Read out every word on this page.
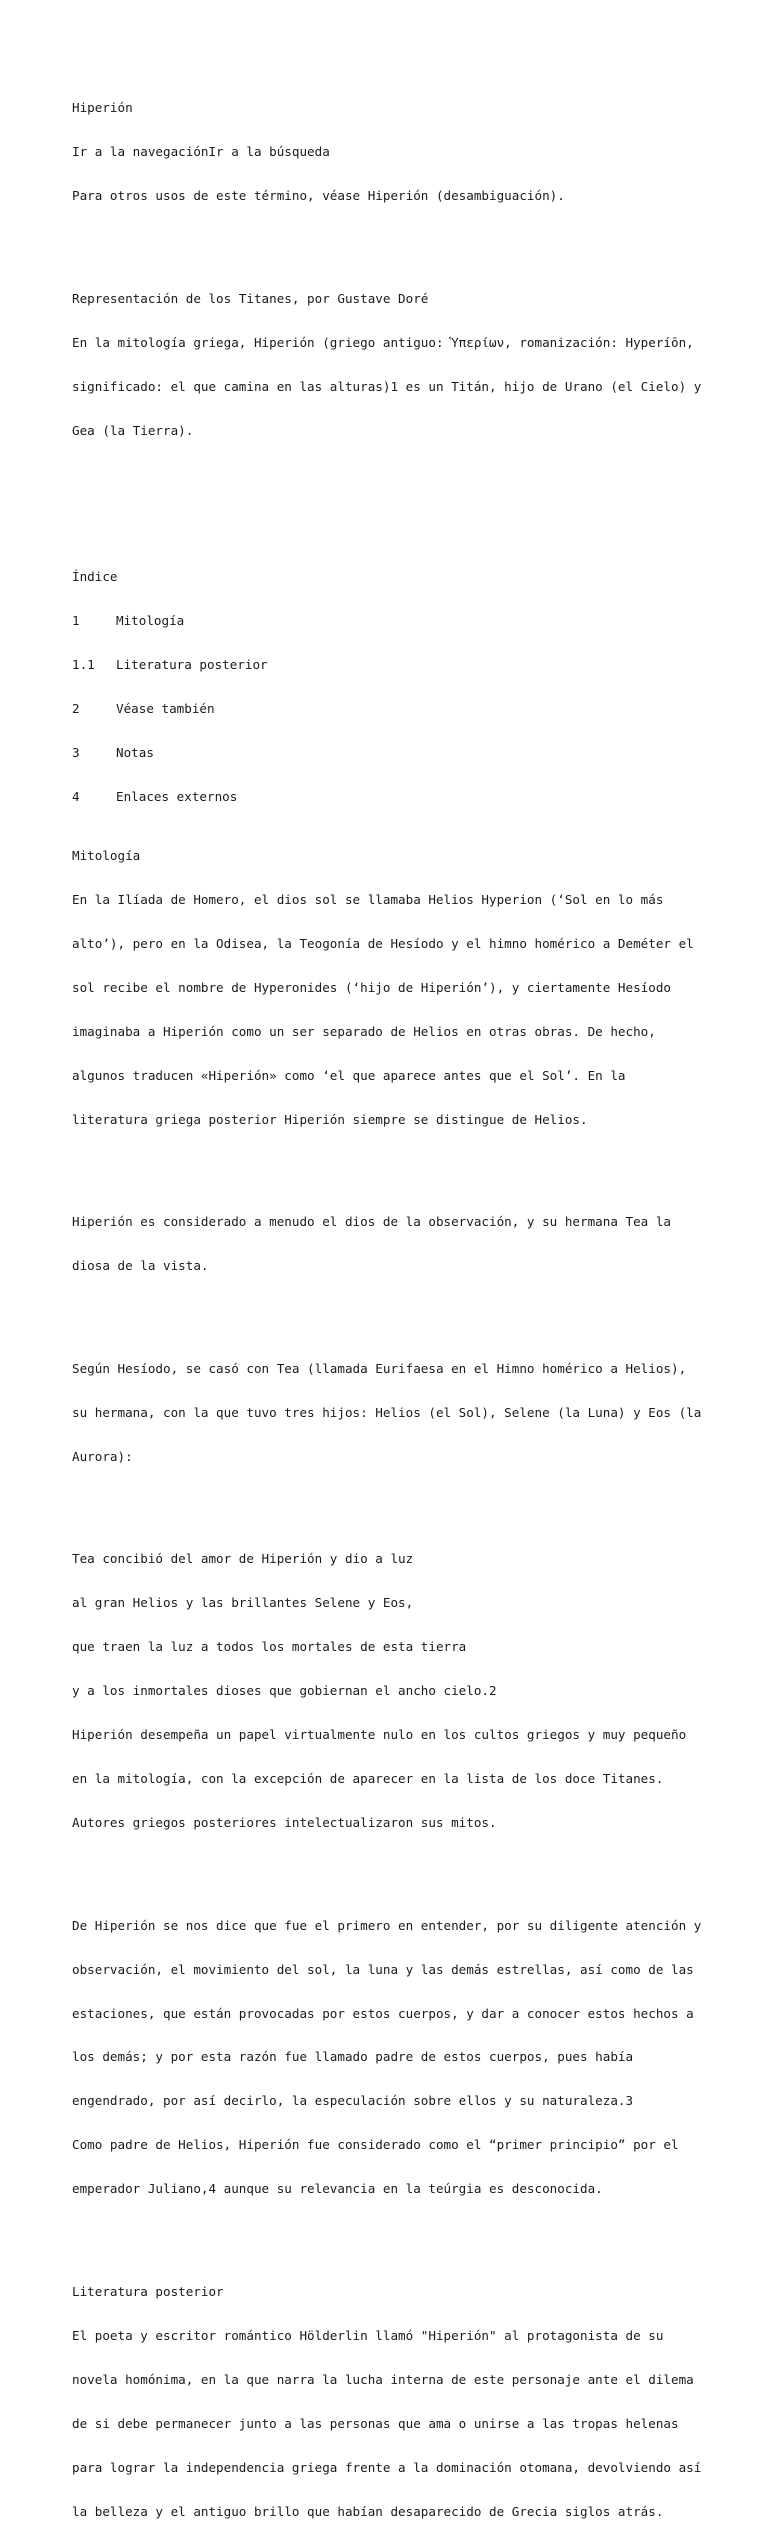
Hiperión

Ir a la navegaciónIr a la búsqueda

Para otros usos de este término, véase Hiperión (desambiguación).

Representación de los Titanes, por Gustave Doré

En la mitología griega, Hiperión (griego antiguo: Ὑπερίων, romanización: Hyperíōn,

significado: el que camina en las alturas)1 es un Titán, hijo de Urano (el Cielo) y

Gea (la Tierra).

Índice

1	Mitología

1.1 Literatura posterior

2	Véase también

3	Notas

4	Enlaces externos

Mitología

En la Ilíada de Homero, el dios sol se llamaba Helios Hyperion (‘Sol en lo más

alto’), pero en la Odisea, la Teogonía de Hesíodo y el himno homérico a Deméter el

sol recibe el nombre de Hyperonides (‘hijo de Hiperión’), y ciertamente Hesíodo

imaginaba a Hiperión como un ser separado de Helios en otras obras. De hecho,

algunos traducen «Hiperión» como ‘el que aparece antes que el Sol’. En la

literatura griega posterior Hiperión siempre se distingue de Helios.

Hiperión es considerado a menudo el dios de la observación, y su hermana Tea la

diosa de la vista.

Según Hesíodo, se casó con Tea (llamada Eurifaesa en el Himno homérico a Helios),

su hermana, con la que tuvo tres hijos: Helios (el Sol), Selene (la Luna) y Eos (la

Aurora):

Tea concibió del amor de Hiperión y dio a luz

al gran Helios y las brillantes Selene y Eos,

que traen la luz a todos los mortales de esta tierra

y a los inmortales dioses que gobiernan el ancho cielo.2

Hiperión desempeña un papel virtualmente nulo en los cultos griegos y muy pequeño

en la mitología, con la excepción de aparecer en la lista de los doce Titanes.

Autores griegos posteriores intelectualizaron sus mitos.

De Hiperión se nos dice que fue el primero en entender, por su diligente atención y

observación, el movimiento del sol, la luna y las demás estrellas, así como de las

estaciones, que están provocadas por estos cuerpos, y dar a conocer estos hechos a

los demás; y por esta razón fue llamado padre de estos cuerpos, pues había

engendrado, por así decirlo, la especulación sobre ellos y su naturaleza.3

Como padre de Helios, Hiperión fue considerado como el “primer principio” por el

emperador Juliano,4 aunque su relevancia en la teúrgia es desconocida.

Literatura posterior

El poeta y escritor romántico Hölderlin llamó "Hiperión" al protagonista de su

novela homónima, en la que narra la lucha interna de este personaje ante el dilema

de si debe permanecer junto a las personas que ama o unirse a las tropas helenas

para lograr la independencia griega frente a la dominación otomana, devolviendo así

la belleza y el antiguo brillo que habían desaparecido de Grecia siglos atrás.
